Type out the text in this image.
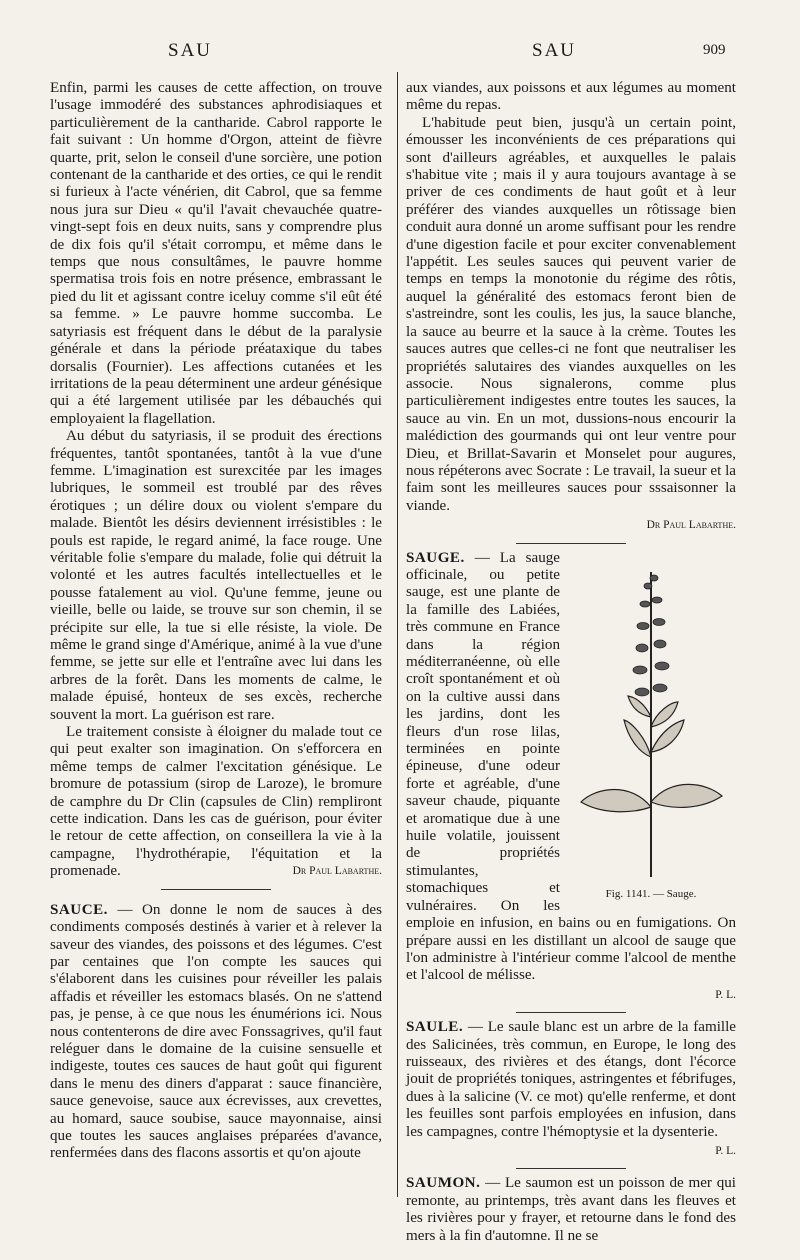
SAU	SAU	909

Enfin, parmi les causes de cette affection, on trouve l'usage immodéré des substances aphrodisiaques et particulièrement de la cantharide. Cabrol rapporte le fait suivant : Un homme d'Orgon, atteint de fièvre quarte, prit, selon le conseil d'une sorcière, une potion contenant de la cantharide et des orties, ce qui le rendit si furieux à l'acte vénérien, dit Cabrol, que sa femme nous jura sur Dieu « qu'il l'avait chevauchée quatre-vingt-sept fois en deux nuits, sans y comprendre plus de dix fois qu'il s'était corrompu, et même dans le temps que nous consultâmes, le pauvre homme spermatisa trois fois en notre présence, embrassant le pied du lit et agissant contre iceluy comme s'il eût été sa femme. » Le pauvre homme succomba. Le satyriasis est fréquent dans le début de la paralysie générale et dans la période préataxique du tabes dorsalis (Fournier). Les affections cutanées et les irritations de la peau déterminent une ardeur génésique qui a été largement utilisée par les débauchés qui employaient la flagellation.

Au début du satyriasis, il se produit des érections fréquentes, tantôt spontanées, tantôt à la vue d'une femme. L'imagination est surexcitée par les images lubriques, le sommeil est troublé par des rêves érotiques ; un délire doux ou violent s'empare du malade. Bientôt les désirs deviennent irrésistibles : le pouls est rapide, le regard animé, la face rouge. Une véritable folie s'empare du malade, folie qui détruit la volonté et les autres facultés intellectuelles et le pousse fatalement au viol. Qu'une femme, jeune ou vieille, belle ou laide, se trouve sur son chemin, il se précipite sur elle, la tue si elle résiste, la viole. De même le grand singe d'Amérique, animé à la vue d'une femme, se jette sur elle et l'entraîne avec lui dans les arbres de la forêt. Dans les moments de calme, le malade épuisé, honteux de ses excès, recherche souvent la mort. La guérison est rare.

Le traitement consiste à éloigner du malade tout ce qui peut exalter son imagination. On s'efforcera en même temps de calmer l'excitation génésique. Le bromure de potassium (sirop de Laroze), le bromure de camphre du Dr Clin (capsules de Clin) rempliront cette indication. Dans les cas de guérison, pour éviter le retour de cette affection, on conseillera la vie à la campagne, l'hydrothérapie, l'équitation et la promenade.	Dr Paul Labarthe.

SAUCE. — On donne le nom de sauces à des condiments composés destinés à varier et à relever la saveur des viandes, des poissons et des légumes. C'est par centaines que l'on compte les sauces qui s'élaborent dans les cuisines pour réveiller les palais affadis et réveiller les estomacs blasés. On ne s'attend pas, je pense, à ce que nous les énumérions ici. Nous nous contenterons de dire avec Fonssagrives, qu'il faut reléguer dans le domaine de la cuisine sensuelle et indigeste, toutes ces sauces de haut goût qui figurent dans le menu des diners d'apparat : sauce financière, sauce genevoise, sauce aux écrevisses, aux crevettes, au homard, sauce soubise, sauce mayonnaise, ainsi que toutes les sauces anglaises préparées d'avance, renfermées dans des flacons assortis et qu'on ajoute

aux viandes, aux poissons et aux légumes au moment même du repas.

L'habitude peut bien, jusqu'à un certain point, émousser les inconvénients de ces préparations qui sont d'ailleurs agréables, et auxquelles le palais s'habitue vite ; mais il y aura toujours avantage à se priver de ces condiments de haut goût et à leur préférer des viandes auxquelles un rôtissage bien conduit aura donné un arome suffisant pour les rendre d'une digestion facile et pour exciter convenablement l'appétit. Les seules sauces qui peuvent varier de temps en temps la monotonie du régime des rôtis, auquel la généralité des estomacs feront bien de s'astreindre, sont les coulis, les jus, la sauce blanche, la sauce au beurre et la sauce à la crème. Toutes les sauces autres que celles-ci ne font que neutraliser les propriétés salutaires des viandes auxquelles on les associe. Nous signalerons, comme plus particulièrement indigestes entre toutes les sauces, la sauce au vin. En un mot, dussions-nous encourir la malédiction des gourmands qui ont leur ventre pour Dieu, et Brillat-Savarin et Monselet pour augures, nous répéterons avec Socrate : Le travail, la sueur et la faim sont les meilleures sauces pour sssaisonner la viande.

Dr Paul Labarthe.
Fig. 1141. — Sauge.

SAUGE. — La sauge officinale, ou petite sauge, est une plante de la famille des Labiées, très commune en France dans la région méditerranéenne, où elle croît spontanément et où on la cultive aussi dans les jardins, dont les fleurs d'un rose lilas, terminées en pointe épineuse, d'une odeur forte et agréable, d'une saveur chaude, piquante et aromatique due à une huile volatile, jouissent de propriétés stimulantes, stomachiques et vulnéraires. On les emploie en infusion, en bains ou en fumigations. On prépare aussi en les distillant un alcool de sauge que l'on administre à l'intérieur comme l'alcool de menthe et l'alcool de mélisse.

P. L.

SAULE. — Le saule blanc est un arbre de la famille des Salicinées, très commun, en Europe, le long des ruisseaux, des rivières et des étangs, dont l'écorce jouit de propriétés toniques, astringentes et fébrifuges, dues à la salicine (V. ce mot) qu'elle renferme, et dont les feuilles sont parfois employées en infusion, dans les campagnes, contre l'hémoptysie et la dysenterie.

P. L.

SAUMON. — Le saumon est un poisson de mer qui remonte, au printemps, très avant dans les fleuves et les rivières pour y frayer, et retourne dans le fond des mers à la fin d'automne. Il ne se
